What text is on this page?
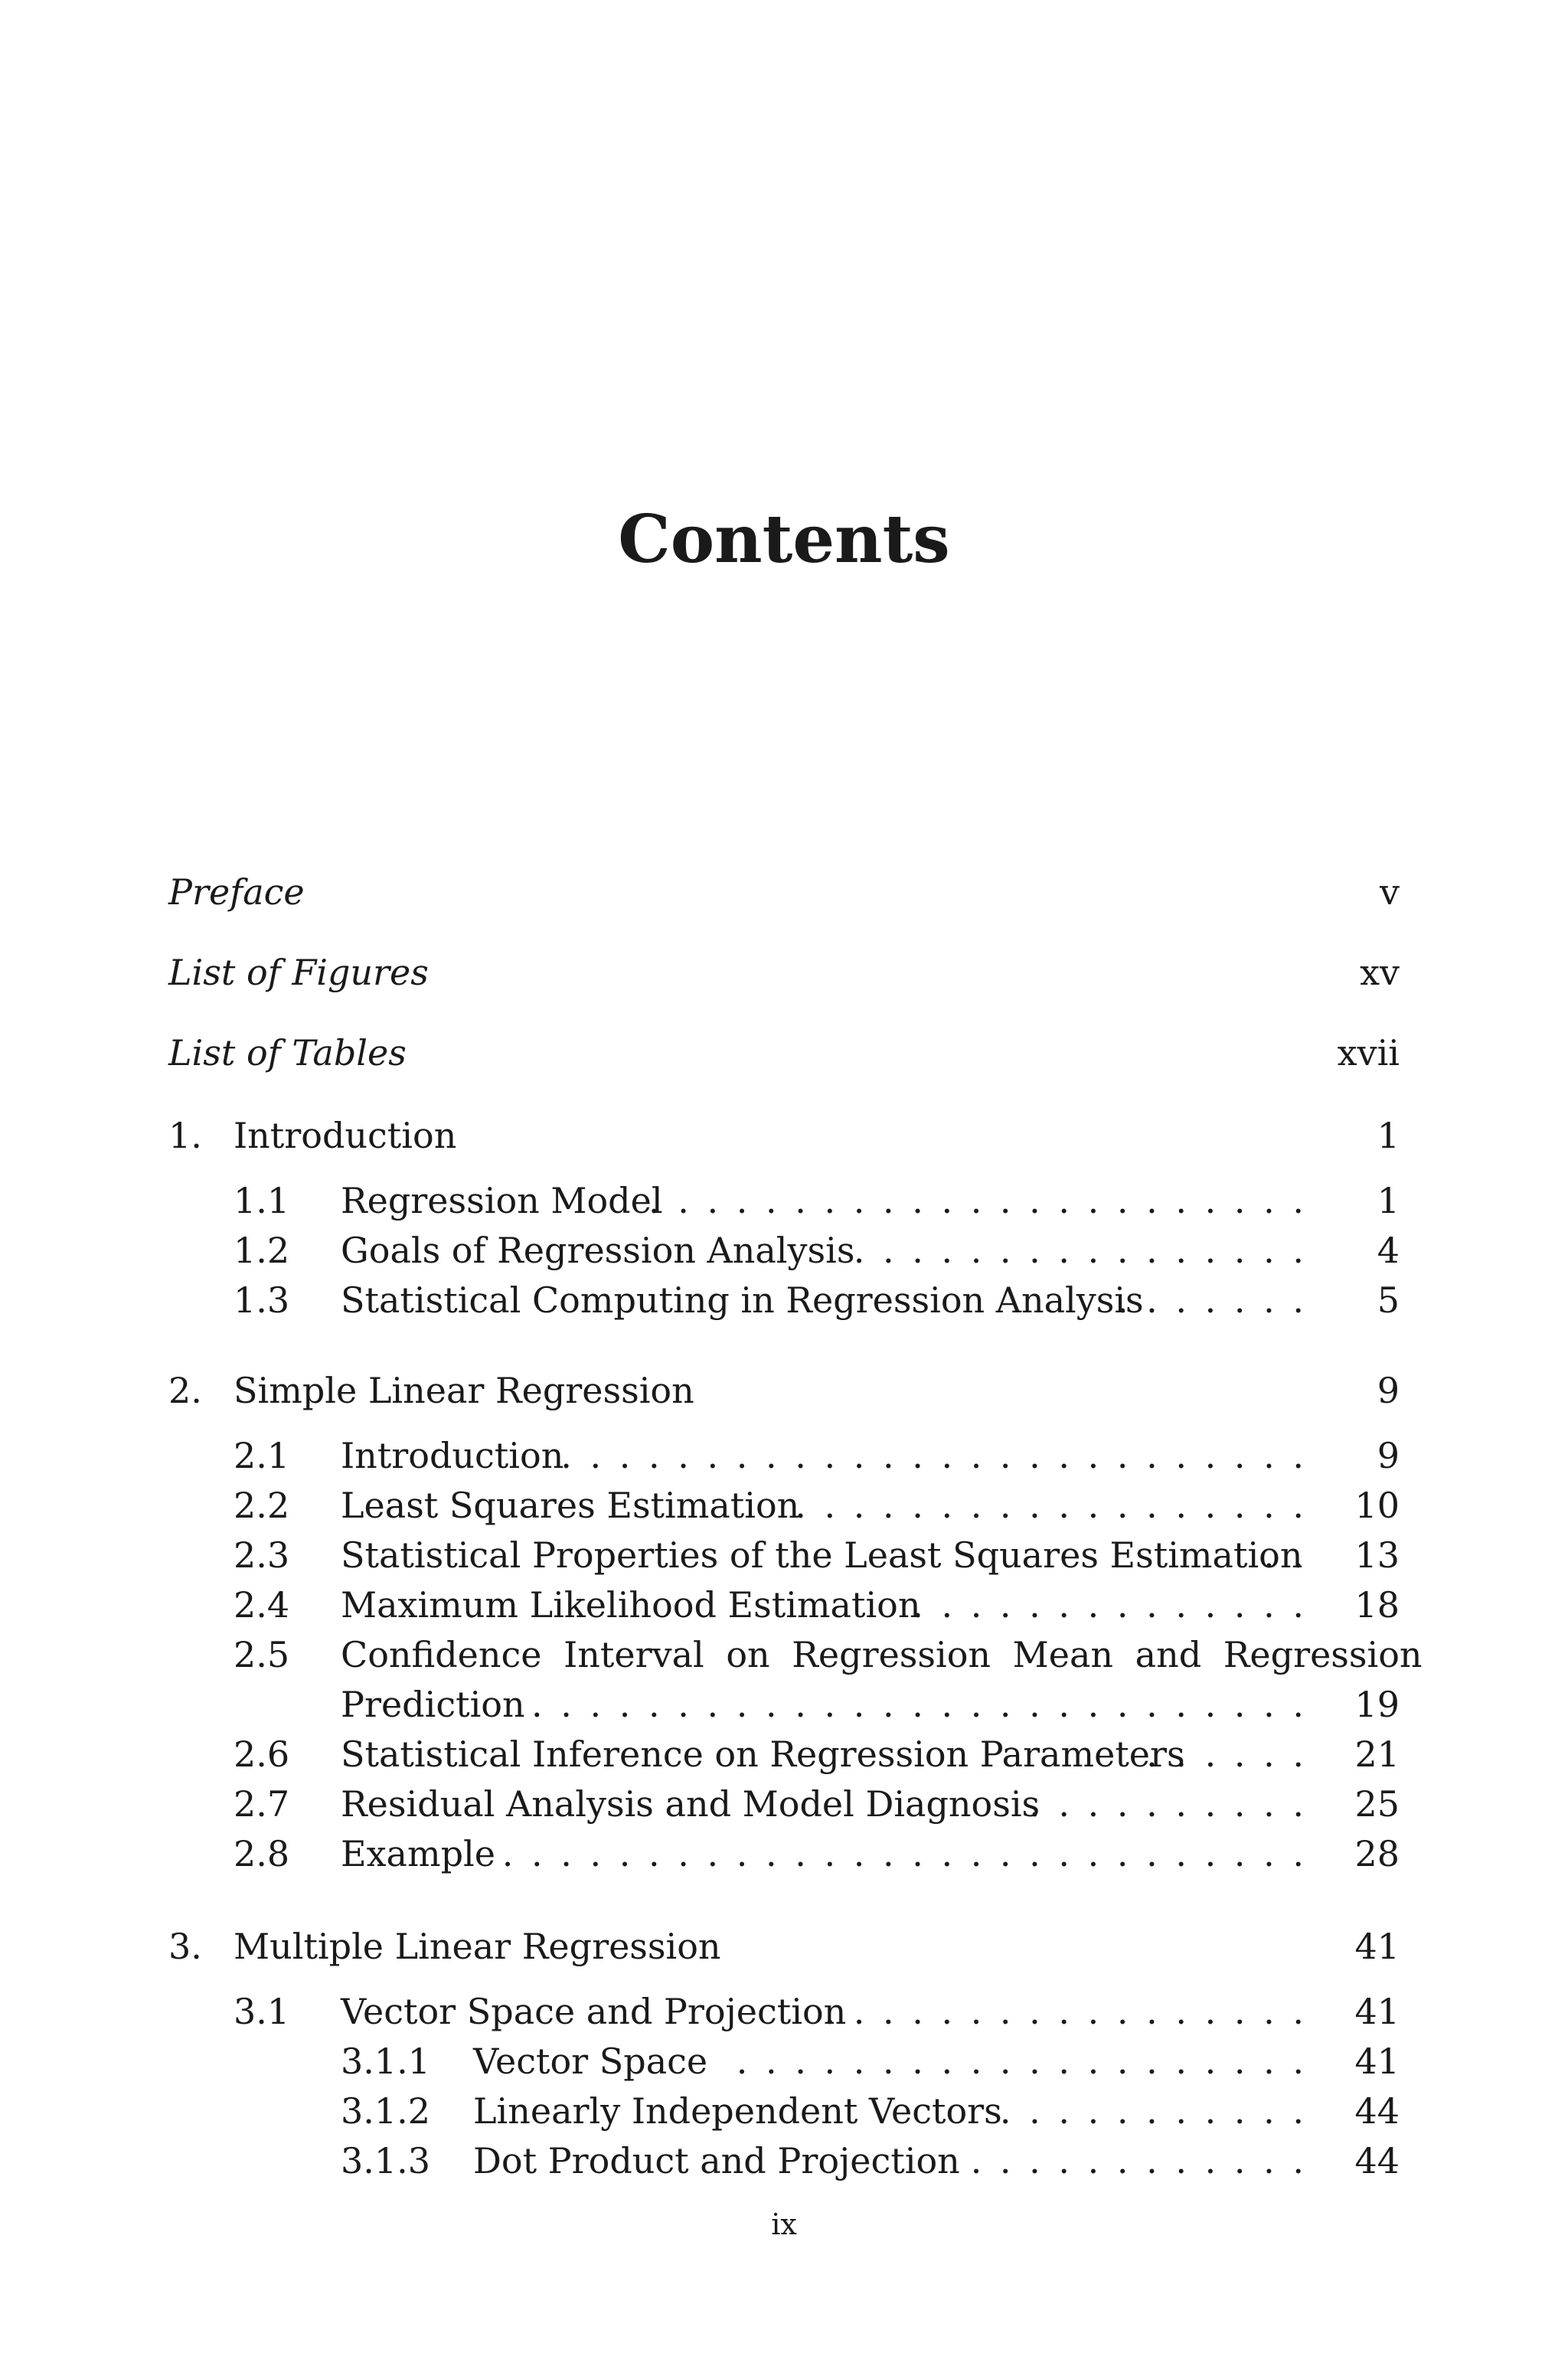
Contents
Preface	v
List of Figures	xv
List of Tables	xvii
1. Introduction	1
1.1 Regression Model . . .	1
1.2 Goals of Regression Analysis . . .	4
1.3 Statistical Computing in Regression Analysis . . .	5
2. Simple Linear Regression	9
2.1 Introduction . . .	9
2.2 Least Squares Estimation . . .	10
2.3 Statistical Properties of the Least Squares Estimation . . . 13
2.4 Maximum Likelihood Estimation . . .	18
2.5 Confidence Interval on Regression Mean and Regression
Prediction . . .	19
2.6 Statistical Inference on Regression Parameters . . .	21
2.7 Residual Analysis and Model Diagnosis . . .	25
2.8 Example . . .	28
3. Multiple Linear Regression	41
3.1 Vector Space and Projection . . .	41
3.1.1 Vector Space . . .	41
3.1.2 Linearly Independent Vectors . . .	44
3.1.3 Dot Product and Projection . . .	44
ix
